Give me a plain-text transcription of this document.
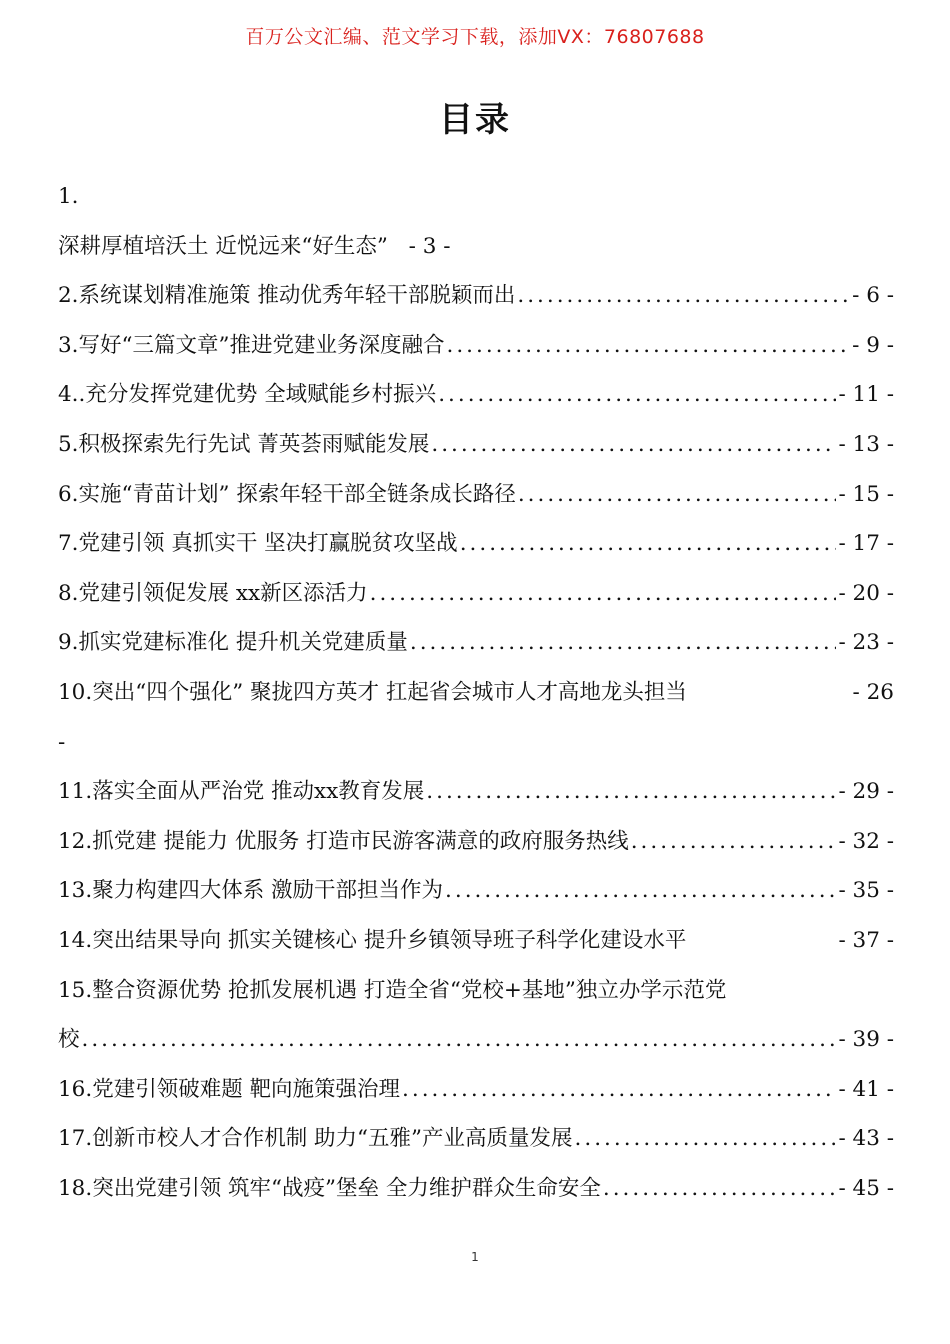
百万公文汇编、范文学习下载，添加VX：76807688
目录
1.
深耕厚植培沃土 近悦远来“好生态” - 3 -
2.系统谋划精准施策 推动优秀年轻干部脱颖而出 .....	- 6 -
3.写好“三篇文章”推进党建业务深度融合 .....	- 9 -
4..充分发挥党建优势 全域赋能乡村振兴 .....	- 11 -
5.积极探索先行先试 菁英荟雨赋能发展 .....	- 13 -
6.实施“青苗计划” 探索年轻干部全链条成长路径 .....	- 15 -
7.党建引领 真抓实干 坚决打赢脱贫攻坚战 .....	- 17 -
8.党建引领促发展 xx新区添活力 .....	- 20 -
9.抓实党建标准化 提升机关党建质量 .....	- 23 -
10.突出“四个强化” 聚拢四方英才 扛起省会城市人才高地龙头担当	- 26
-
11.落实全面从严治党 推动xx教育发展 .....	- 29 -
12.抓党建 提能力 优服务 打造市民游客满意的政府服务热线 .....	- 32 -
13.聚力构建四大体系 激励干部担当作为 .....	- 35 -
14.突出结果导向 抓实关键核心 提升乡镇领导班子科学化建设水平	- 37 -
15.整合资源优势 抢抓发展机遇 打造全省“党校+基地”独立办学示范党
校 .....	- 39 -
16.党建引领破难题 靶向施策强治理 .....	- 41 -
17.创新市校人才合作机制 助力“五雅”产业高质量发展 .....	- 43 -
18.突出党建引领 筑牢“战疫”堡垒 全力维护群众生命安全 .....	- 45 -
1
